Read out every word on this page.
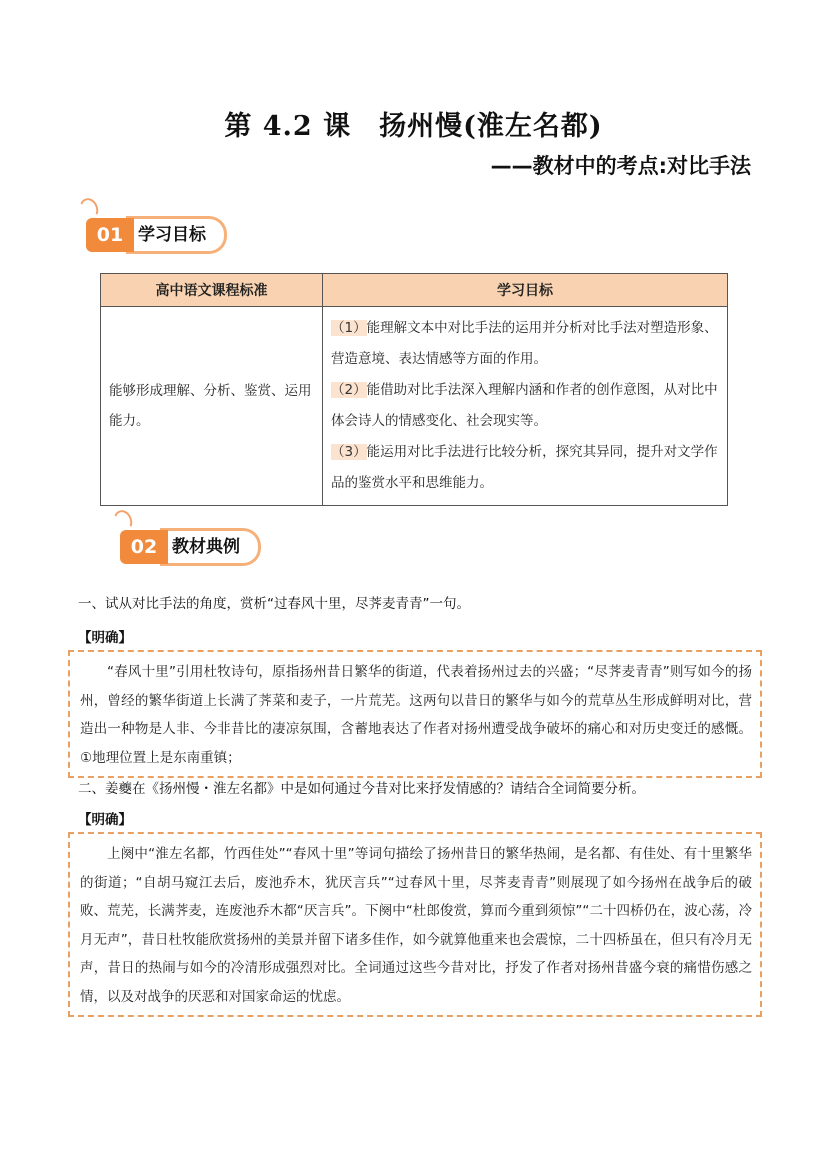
第 4.2 课　扬州慢(淮左名都)
——教材中的考点:对比手法
学习目标
01
高中语文课程标准	学习目标
能够形成理解、分析、鉴赏、运用能力。	（1）能理解文本中对比手法的运用并分析对比手法对塑造形象、营造意境、表达情感等方面的作用。
（2）能借助对比手法深入理解内涵和作者的创作意图，从对比中体会诗人的情感变化、社会现实等。
（3）能运用对比手法进行比较分析，探究其异同，提升对文学作品的鉴赏水平和思维能力。
教材典例
02
一、试从对比手法的角度，赏析“过春风十里，尽荠麦青青”一句。
【明确】
“春风十里”引用杜牧诗句，原指扬州昔日繁华的街道，代表着扬州过去的兴盛；“尽荠麦青青”则写如今的扬州，曾经的繁华街道上长满了荠菜和麦子，一片荒芜。这两句以昔日的繁华与如今的荒草丛生形成鲜明对比，营造出一种物是人非、今非昔比的凄凉氛围，含蓄地表达了作者对扬州遭受战争破坏的痛心和对历史变迁的感慨。①地理位置上是东南重镇；
二、姜夔在《扬州慢・淮左名都》中是如何通过今昔对比来抒发情感的？请结合全词简要分析。
【明确】
上阕中“淮左名都，竹西佳处”“春风十里”等词句描绘了扬州昔日的繁华热闹，是名都、有佳处、有十里繁华的街道；“自胡马窥江去后，废池乔木，犹厌言兵”“过春风十里，尽荠麦青青”则展现了如今扬州在战争后的破败、荒芜，长满荠麦，连废池乔木都“厌言兵”。下阕中“杜郎俊赏，算而今重到须惊”“二十四桥仍在，波心荡，冷月无声”，昔日杜牧能欣赏扬州的美景并留下诸多佳作，如今就算他重来也会震惊，二十四桥虽在，但只有冷月无声，昔日的热闹与如今的冷清形成强烈对比。全词通过这些今昔对比，抒发了作者对扬州昔盛今衰的痛惜伤感之情，以及对战争的厌恶和对国家命运的忧虑。
